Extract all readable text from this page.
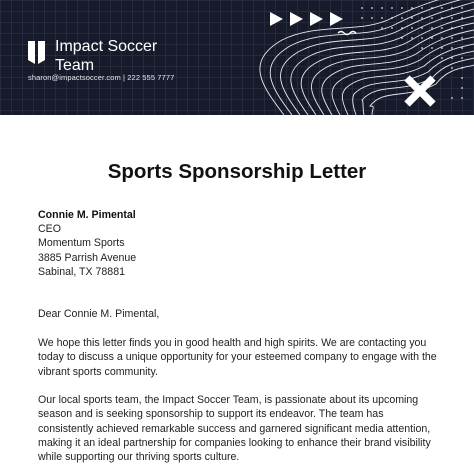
Impact Soccer
Team
sharon@impactsoccer.com | 222 555 7777
Sports Sponsorship Letter
Connie M. Pimental
CEO
Momentum Sports
3885 Parrish Avenue
Sabinal, TX 78881
Dear Connie M. Pimental,
We hope this letter finds you in good health and high spirits. We are contacting you today to discuss a unique opportunity for your esteemed company to engage with the vibrant sports community.
Our local sports team, the Impact Soccer Team, is passionate about its upcoming season and is seeking sponsorship to support its endeavor. The team has consistently achieved remarkable success and garnered significant media attention, making it an ideal partnership for companies looking to enhance their brand visibility while supporting our thriving sports culture.
